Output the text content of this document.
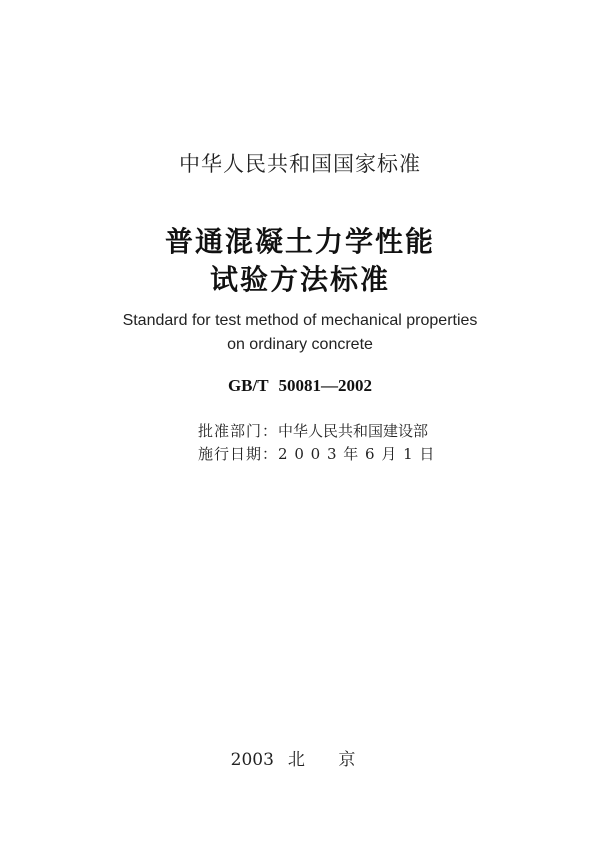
中华人民共和国国家标准
普通混凝土力学性能
试验方法标准
Standard for test method of mechanical properties
on ordinary concrete
GB/T 50081—2002
批准部门：中华人民共和国建设部
施行日期：2 0 0 3 年 6 月 1 日
2003 北 京
